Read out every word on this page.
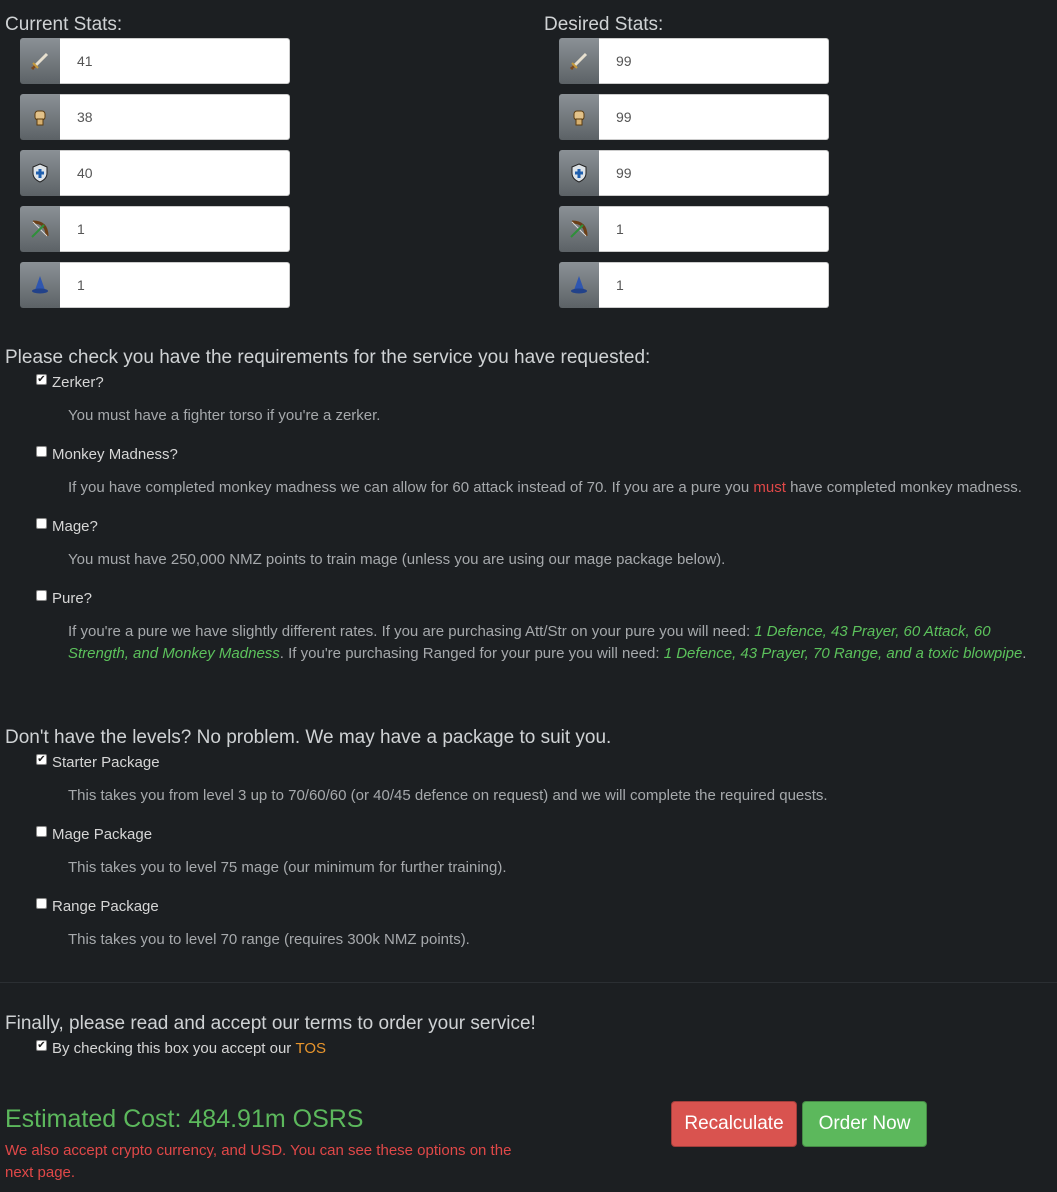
Current Stats:
41
38
40
1
1	Desired Stats:
99
99
99
1
1
Please check you have the requirements for the service you have requested:
✔ Zerker?
You must have a fighter torso if you're a zerker.
Monkey Madness?
If you have completed monkey madness we can allow for 60 attack instead of 70. If you are a pure you must have completed monkey madness.
Mage?
You must have 250,000 NMZ points to train mage (unless you are using our mage package below).
Pure?
If you're a pure we have slightly different rates. If you are purchasing Att/Str on your pure you will need: 1 Defence, 43 Prayer, 60 Attack, 60 Strength, and Monkey Madness. If you're purchasing Ranged for your pure you will need: 1 Defence, 43 Prayer, 70 Range, and a toxic blowpipe.
Don't have the levels? No problem. We may have a package to suit you.
✔ Starter Package
This takes you from level 3 up to 70/60/60 (or 40/45 defence on request) and we will complete the required quests.
Mage Package
This takes you to level 75 mage (our minimum for further training).
Range Package
This takes you to level 70 range (requires 300k NMZ points).
Finally, please read and accept our terms to order your service!
✔ By checking this box you accept our TOS
Estimated Cost: 484.91m OSRS
We also accept crypto currency, and USD. You can see these options on the next page.
Recalculate	Order Now
